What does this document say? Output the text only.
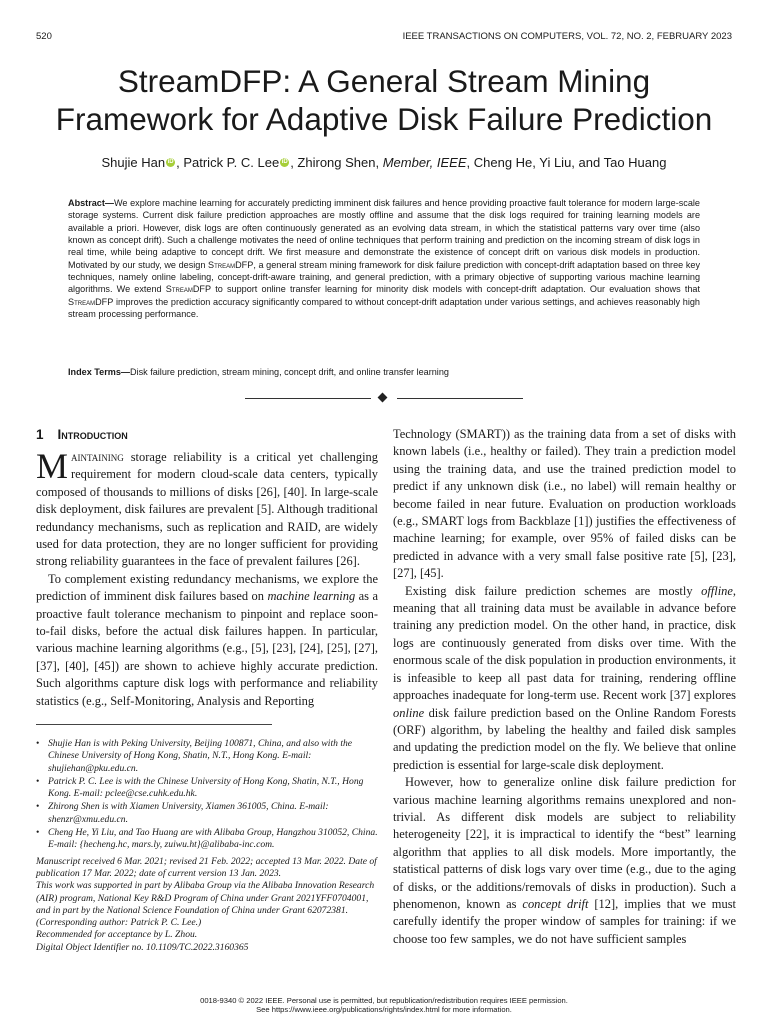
520	IEEE TRANSACTIONS ON COMPUTERS, VOL. 72, NO. 2, FEBRUARY 2023
StreamDFP: A General Stream Mining
Framework for Adaptive Disk Failure Prediction
Shujie Han iD , Patrick P. C. Lee iD , Zhirong Shen, Member, IEEE, Cheng He, Yi Liu, and Tao Huang

Abstract—We explore machine learning for accurately predicting imminent disk failures and hence providing proactive fault tolerance for modern large-scale storage systems. Current disk failure prediction approaches are mostly offline and assume that the disk logs required for training learning models are available a priori. However, disk logs are often continuously generated as an evolving data stream, in which the statistical patterns vary over time (also known as concept drift). Such a challenge motivates the need of online techniques that perform training and prediction on the incoming stream of disk logs in real time, while being adaptive to concept drift. We first measure and demonstrate the existence of concept drift on various disk models in production. Motivated by our study, we design StreamDFP, a general stream mining framework for disk failure prediction with concept-drift adaptation based on three key techniques, namely online labeling, concept-drift-aware training, and general prediction, with a primary objective of supporting various machine learning algorithms. We extend StreamDFP to support online transfer learning for minority disk models with concept-drift adaptation. Our evaluation shows that StreamDFP improves the prediction accuracy significantly compared to without concept-drift adaptation under various settings, and achieves reasonably high stream processing performance.

Index Terms—Disk failure prediction, stream mining, concept drift, and online transfer learning

1 Introduction

Maintaining storage reliability is a critical yet challenging requirement for modern cloud-scale data centers, typically composed of thousands to millions of disks [26], [40]. In large-scale disk deployment, disk failures are prevalent [5]. Although traditional redundancy mechanisms, such as replication and RAID, are widely used for data protection, they are no longer sufficient for providing strong reliability guarantees in the face of prevalent failures [26].

To complement existing redundancy mechanisms, we explore the prediction of imminent disk failures based on machine learning as a proactive fault tolerance mechanism to pinpoint and replace soon-to-fail disks, before the actual disk failures happen. In particular, various machine learning algorithms (e.g., [5], [23], [24], [25], [27], [37], [40], [45]) are shown to achieve highly accurate prediction. Such algorithms capture disk logs with performance and reliability statistics (e.g., Self-Monitoring, Analysis and Reporting

• Shujie Han is with Peking University, Beijing 100871, China, and also with the Chinese University of Hong Kong, Shatin, N.T., Hong Kong. E-mail: shujiehan@pku.edu.cn.
• Patrick P. C. Lee is with the Chinese University of Hong Kong, Shatin, N.T., Hong Kong. E-mail: pclee@cse.cuhk.edu.hk.
• Zhirong Shen is with Xiamen University, Xiamen 361005, China. E-mail: shenzr@xmu.edu.cn.
• Cheng He, Yi Liu, and Tao Huang are with Alibaba Group, Hangzhou 310052, China. E-mail: {hecheng.hc, mars.ly, zuiwu.ht}@alibaba-inc.com.

Manuscript received 6 Mar. 2021; revised 21 Feb. 2022; accepted 13 Mar. 2022. Date of publication 17 Mar. 2022; date of current version 13 Jan. 2023.

This work was supported in part by Alibaba Group via the Alibaba Innovation Research (AIR) program, National Key R&D Program of China under Grant 2021YFF0704001, and in part by the National Science Foundation of China under Grant 62072381.

(Corresponding author: Patrick P. C. Lee.)

Recommended for acceptance by L. Zhou.

Digital Object Identifier no. 10.1109/TC.2022.3160365

Technology (SMART)) as the training data from a set of disks with known labels (i.e., healthy or failed). They train a prediction model using the training data, and use the trained prediction model to predict if any unknown disk (i.e., no label) will remain healthy or become failed in near future. Evaluation on production workloads (e.g., SMART logs from Backblaze [1]) justifies the effectiveness of machine learning; for example, over 95% of failed disks can be predicted in advance with a very small false positive rate [5], [23], [27], [45].

Existing disk failure prediction schemes are mostly offline, meaning that all training data must be available in advance before training any prediction model. On the other hand, in practice, disk logs are continuously generated from disks over time. With the enormous scale of the disk population in production environments, it is infeasible to keep all past data for training, rendering offline approaches inadequate for long-term use. Recent work [37] explores online disk failure prediction based on the Online Random Forests (ORF) algorithm, by labeling the healthy and failed disk samples and updating the prediction model on the fly. We believe that online prediction is essential for large-scale disk deployment.

However, how to generalize online disk failure prediction for various machine learning algorithms remains unexplored and non-trivial. As different disk models are subject to reliability heterogeneity [22], it is impractical to identify the “best” learning algorithm that applies to all disk models. More importantly, the statistical patterns of disk logs vary over time (e.g., due to the aging of disks, or the additions/removals of disks in production). Such a phenomenon, known as concept drift [12], implies that we must carefully identify the proper window of samples for training: if we choose too few samples, we do not have sufficient samples

0018-9340 © 2022 IEEE. Personal use is permitted, but republication/redistribution requires IEEE permission.
See https://www.ieee.org/publications/rights/index.html for more information.
